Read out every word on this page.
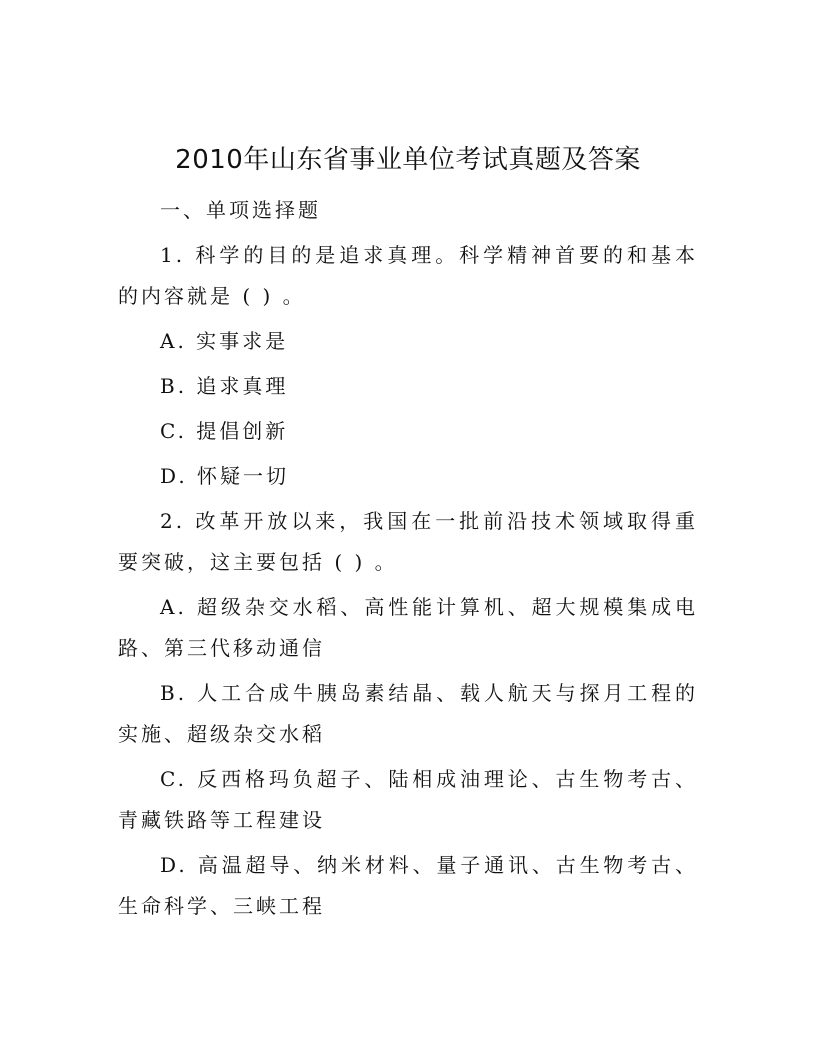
2010年山东省事业单位考试真题及答案

一、单项选择题

1. 科学的目的是追求真理。科学精神首要的和基本的内容就是 ( ) 。

A. 实事求是

B. 追求真理

C. 提倡创新

D. 怀疑一切

2. 改革开放以来，我国在一批前沿技术领域取得重要突破，这主要包括 ( ) 。

A. 超级杂交水稻、高性能计算机、超大规模集成电路、第三代移动通信

B. 人工合成牛胰岛素结晶、载人航天与探月工程的实施、超级杂交水稻

C. 反西格玛负超子、陆相成油理论、古生物考古、青藏铁路等工程建设

D. 高温超导、纳米材料、量子通讯、古生物考古、生命科学、三峡工程
